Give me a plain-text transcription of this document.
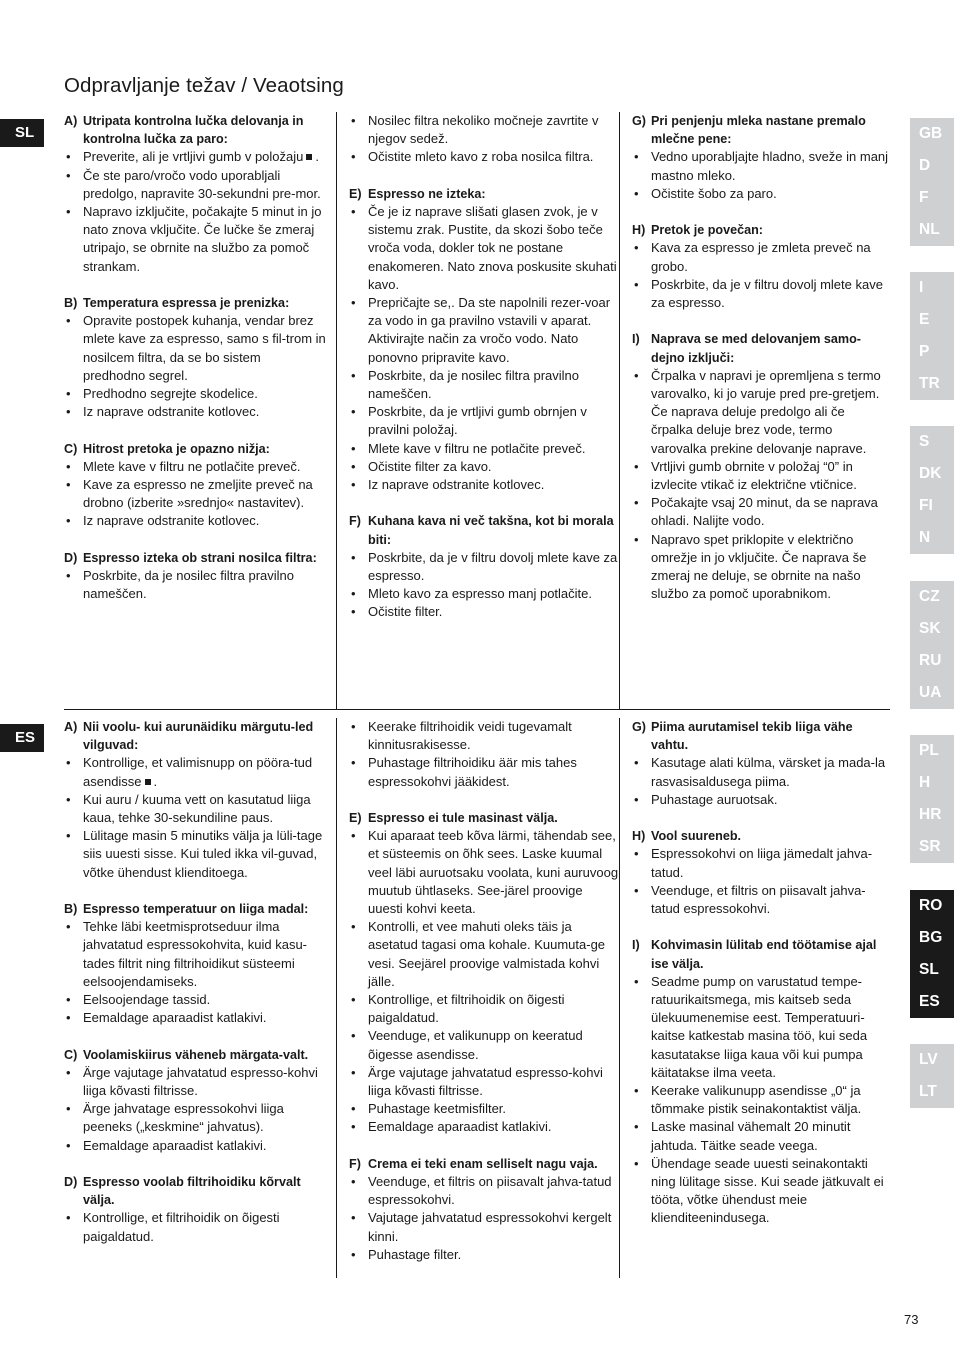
Odpravljanje težav / Veaotsing
SL
ES
A) Utripata kontrolna lučka delovanja in kontrolna lučka za paro:
• Preverite, ali je vrtljivi gumb v položaju .
• Če ste paro/vročo vodo uporabljali predolgo, napravite 30-sekundni pre-mor.
• Napravo izključite, počakajte 5 minut in jo nato znova vključite. Če lučke še zmeraj utripajo, se obrnite na službo za pomoč strankam.
B) Temperatura espressa je prenizka:
• Opravite postopek kuhanja, vendar brez mlete kave za espresso, samo s fil-trom in nosilcem filtra, da se bo sistem predhodno segrel.
• Predhodno segrejte skodelice.
• Iz naprave odstranite kotlovec.
C) Hitrost pretoka je opazno nižja:
• Mlete kave v filtru ne potlačite preveč.
• Kave za espresso ne zmeljite preveč na drobno (izberite »srednjo« nastavitev).
• Iz naprave odstranite kotlovec.
D) Espresso izteka ob strani nosilca filtra:
• Poskrbite, da je nosilec filtra pravilno nameščen.
• Nosilec filtra nekoliko močneje zavrtite v njegov sedež.
• Očistite mleto kavo z roba nosilca filtra.
E) Espresso ne izteka:
• Če je iz naprave slišati glasen zvok, je v sistemu zrak. Pustite, da skozi šobo teče vroča voda, dokler tok ne postane enakomeren. Nato znova poskusite skuhati kavo.
• Prepričajte se,. Da ste napolnili rezer-voar za vodo in ga pravilno vstavili v aparat. Aktivirajte način za vročo vodo. Nato ponovno pripravite kavo.
• Poskrbite, da je nosilec filtra pravilno nameščen.
• Poskrbite, da je vrtljivi gumb obrnjen v pravilni položaj.
• Mlete kave v filtru ne potlačite preveč.
• Očistite filter za kavo.
• Iz naprave odstranite kotlovec.
F) Kuhana kava ni več takšna, kot bi morala biti:
• Poskrbite, da je v filtru dovolj mlete kave za espresso.
• Mleto kavo za espresso manj potlačite.
• Očistite filter.
G) Pri penjenju mleka nastane premalo mlečne pene:
• Vedno uporabljajte hladno, sveže in manj mastno mleko.
• Očistite šobo za paro.
H) Pretok je povečan:
• Kava za espresso je zmleta preveč na grobo.
• Poskrbite, da je v filtru dovolj mlete kave za espresso.
I) Naprava se med delovanjem samo-dejno izključi:
• Črpalka v napravi je opremljena s termo varovalko, ki jo varuje pred pre-gretjem. Če naprava deluje predolgo ali če črpalka deluje brez vode, termo varovalka prekine delovanje naprave.
• Vrtljivi gumb obrnite v položaj “0” in izvlecite vtikač iz električne vtičnice.
• Počakajte vsaj 20 minut, da se naprava ohladi. Nalijte vodo.
• Napravo spet priklopite v električno omrežje in jo vključite. Če naprava še zmeraj ne deluje, se obrnite na našo službo za pomoč uporabnikom.
A) Nii voolu- kui aurunäidiku märgutu-led vilguvad:
• Kontrollige, et valimisnupp on pööra-tud asendisse .
• Kui auru / kuuma vett on kasutatud liiga kaua, tehke 30-sekundiline paus.
• Lülitage masin 5 minutiks välja ja lüli-tage siis uuesti sisse. Kui tuled ikka vil-guvad, võtke ühendust klienditoega.
B) Espresso temperatuur on liiga madal:
• Tehke läbi keetmisprotseduur ilma jahvatatud espressokohvita, kuid kasu-tades filtrit ning filtrihoidikut süsteemi eelsoojendamiseks.
• Eelsoojendage tassid.
• Eemaldage aparaadist katlakivi.
C) Voolamiskiirus väheneb märgata-valt.
• Ärge vajutage jahvatatud espresso-kohvi liiga kõvasti filtrisse.
• Ärge jahvatage espressokohvi liiga peeneks („keskmine“ jahvatus).
• Eemaldage aparaadist katlakivi.
D) Espresso voolab filtrihoidiku kõrvalt välja.
• Kontrollige, et filtrihoidik on õigesti paigaldatud.
• Keerake filtrihoidik veidi tugevamalt kinnitusrakisesse.
• Puhastage filtrihoidiku äär mis tahes espressokohvi jääkidest.
E) Espresso ei tule masinast välja.
• Kui aparaat teeb kõva lärmi, tähendab see, et süsteemis on õhk sees. Laske kuumal veel läbi auruotsaku voolata, kuni auruvoog muutub ühtlaseks. See-järel proovige uuesti kohvi keeta.
• Kontrolli, et vee mahuti oleks täis ja asetatud tagasi oma kohale. Kuumuta-ge vesi. Seejärel proovige valmistada kohvi jälle.
• Kontrollige, et filtrihoidik on õigesti paigaldatud.
• Veenduge, et valikunupp on keeratud õigesse asendisse.
• Ärge vajutage jahvatatud espresso-kohvi liiga kõvasti filtrisse.
• Puhastage keetmisfilter.
• Eemaldage aparaadist katlakivi.
F) Crema ei teki enam selliselt nagu vaja.
• Veenduge, et filtris on piisavalt jahva-tatud espressokohvi.
• Vajutage jahvatatud espressokohvi kergelt kinni.
• Puhastage filter.
G) Piima aurutamisel tekib liiga vähe vahtu.
• Kasutage alati külma, värsket ja mada-la rasvasisaldusega piima.
• Puhastage auruotsak.
H) Vool suureneb.
• Espressokohvi on liiga jämedalt jahva-tatud.
• Veenduge, et filtris on piisavalt jahva-tatud espressokohvi.
I) Kohvimasin lülitab end töötamise ajal ise välja.
• Seadme pump on varustatud tempe-ratuurikaitsmega, mis kaitseb seda ülekuumenemise eest. Temperatuuri-kaitse katkestab masina töö, kui seda kasutatakse liiga kaua või kui pumpa käitatakse ilma veeta.
• Keerake valikunupp asendisse „0“ ja tõmmake pistik seinakontaktist välja.
• Laske masinal vähemalt 20 minutit jahtuda. Täitke seade veega.
• Ühendage seade uuesti seinakontakti ning lülitage sisse. Kui seade jätkuvalt ei tööta, võtke ühendust meie klienditeenindusega.
GB
D
F
NL
I
E
P
TR
S
DK
FI
N
CZ
SK
RU
UA
PL
H
HR
SR
RO
BG
SL
ES
LV
LT
73
